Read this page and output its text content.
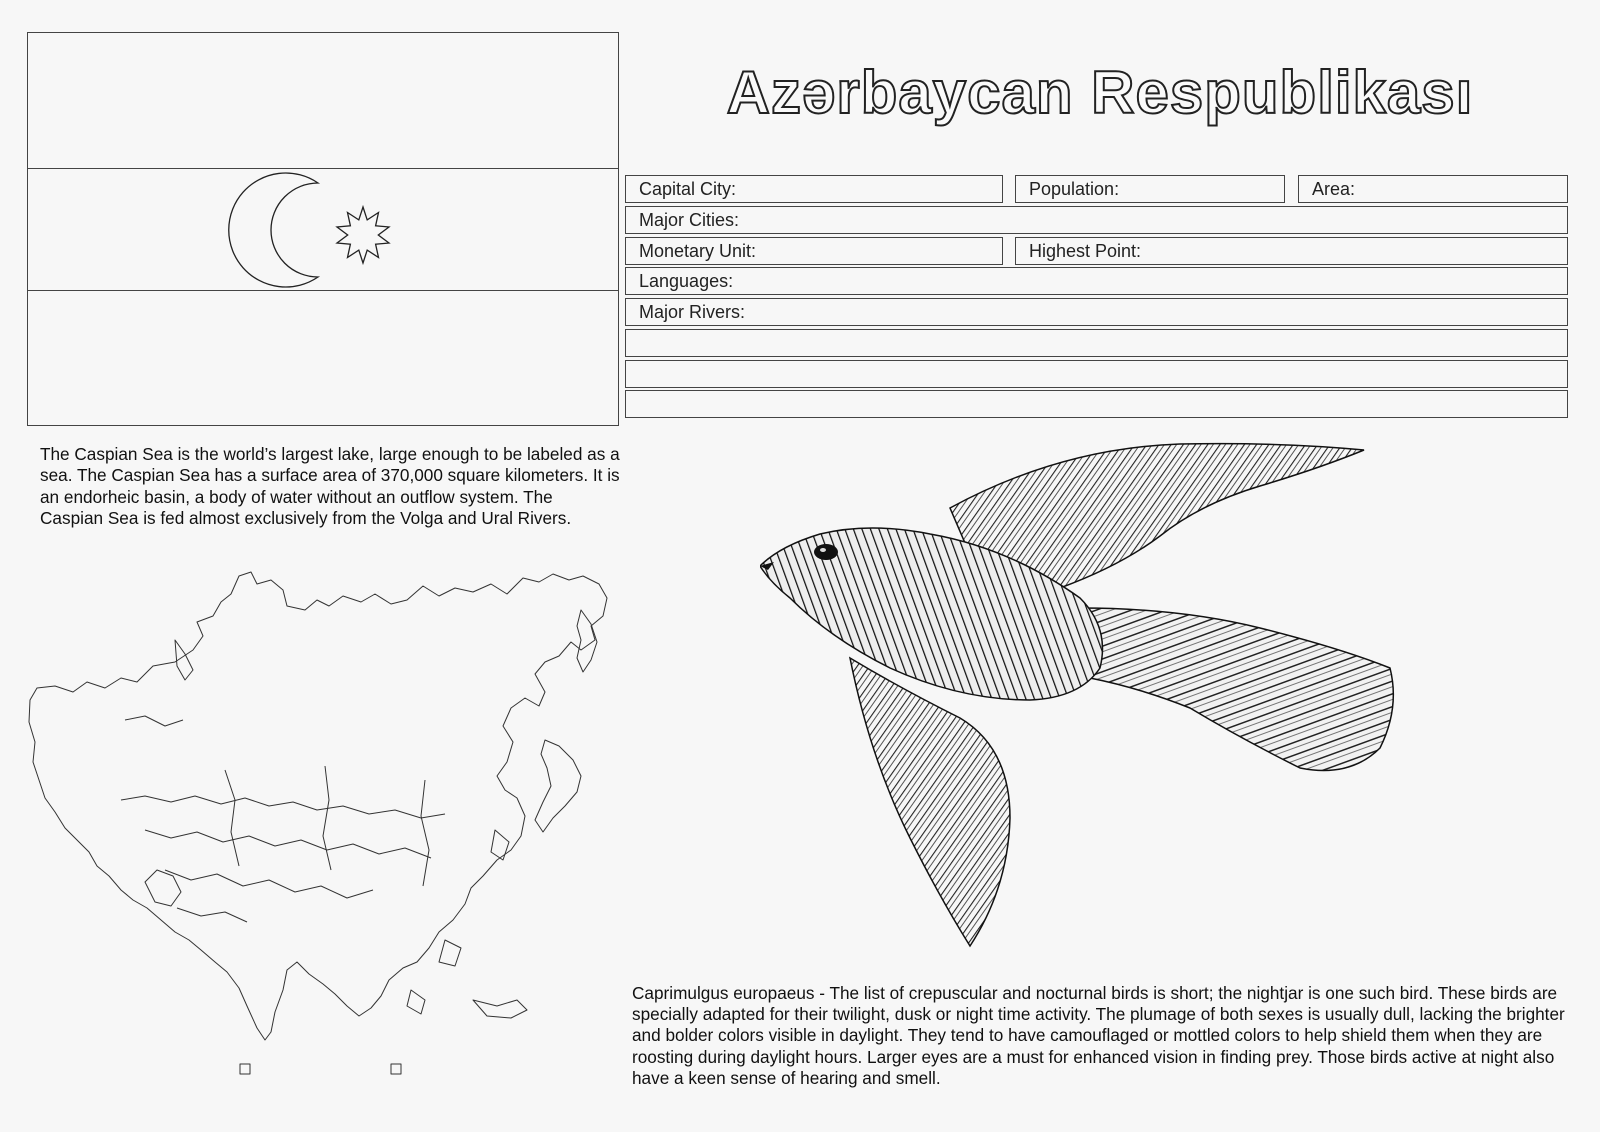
Azərbaycan Respublikası
Capital City:	Population:	Area:
Major Cities:
Monetary Unit:	Highest Point:
Languages:
Major Rivers:
The Caspian Sea is the world’s largest lake, large enough to be labeled as a sea. The Caspian Sea has a surface area of 370,000 square kilometers. It is an endorheic basin, a body of water without an outflow system. The Caspian Sea is fed almost exclusively from the Volga and Ural Rivers.
Caprimulgus europaeus - The list of crepuscular and nocturnal birds is short; the nightjar is one such bird. These birds are specially adapted for their twilight, dusk or night time activity. The plumage of both sexes is usually dull, lacking the brighter and bolder colors visible in daylight. They tend to have camouflaged or mottled colors to help shield them when they are roosting during daylight hours. Larger eyes are a must for enhanced vision in finding prey. Those birds active at night also have a keen sense of hearing and smell.
